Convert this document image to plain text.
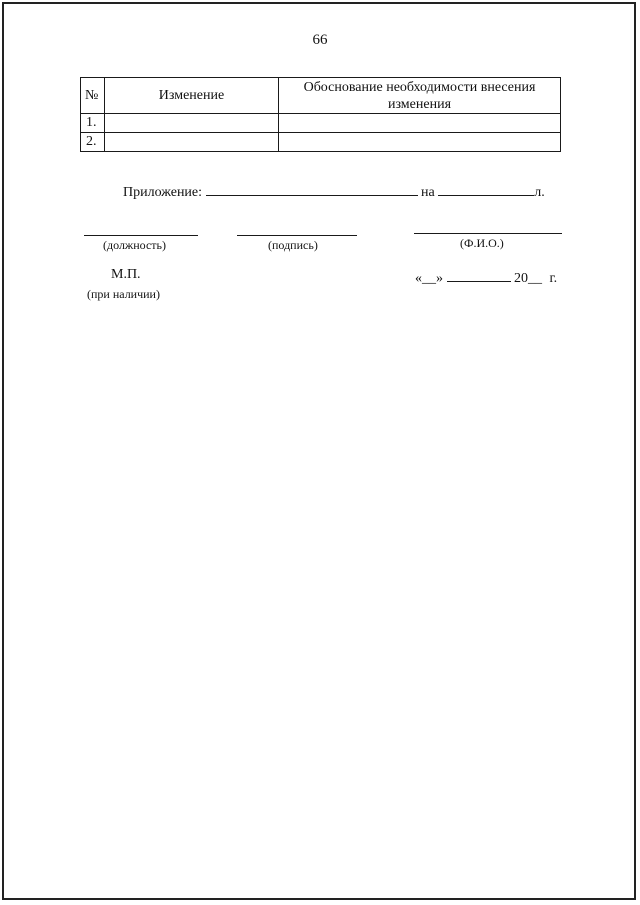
66
№	Изменение	Обоснование необходимости внесения изменения
1.		
2.		
Приложение:	на	л.
(должность)	(подпись)	(Ф.И.О.)
М.П.
(при наличии)
«__»	20__ г.
